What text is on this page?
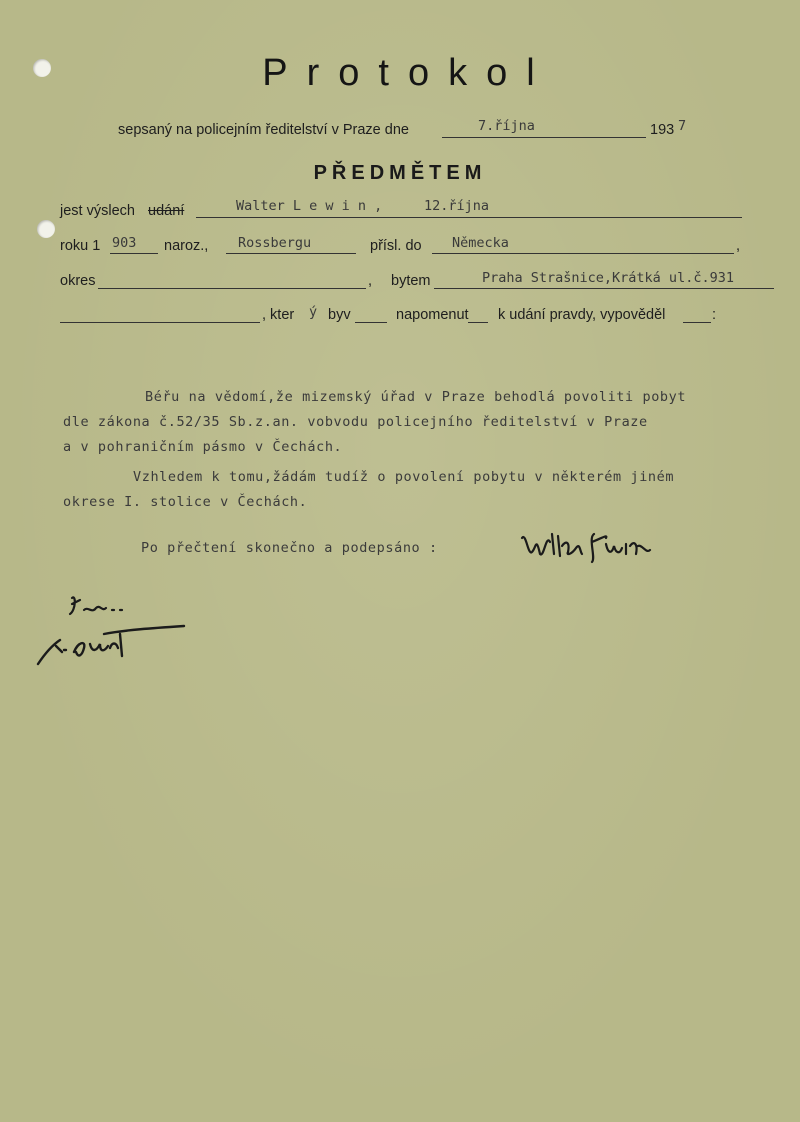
Protokol
sepsaný na policejním ředitelství v Praze dne	7.října	193 7
PŘEDMĚTEM
jest výslech udání	Walter L e w i n ,	12.října
roku 1 903 naroz., Rossbergu	přísl. do Německa	,
okres	, bytem	Praha Strašnice,Krátká ul.č.931
, kter ý byv	napomenut k udání pravdy, vypověděl	:
Béřu na vědomí,že mizemský úřad v Praze behodlá povoliti pobyt
dle zákona č.52/35 Sb.z.an. vobvodu policejního ředitelství v Praze
a v pohraničním pásmo v Čechách.
Vzhledem k tomu,žádám tudíž o povolení pobytu v některém jiném
okrese I. stolice v Čechách.
Po přečtení skonečno a podepsáno :
